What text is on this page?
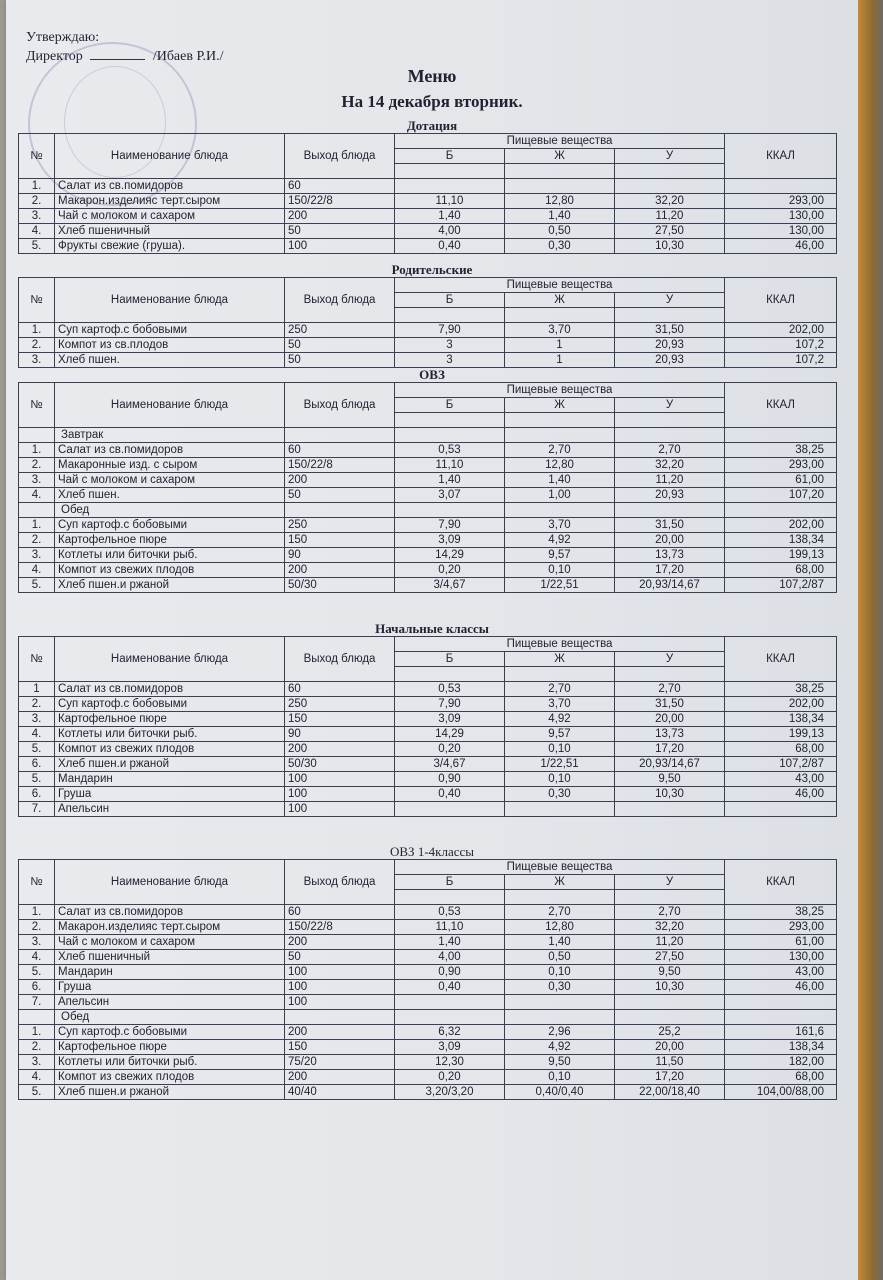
Утверждаю:
Директор	/Ибаев Р.И./
Меню
На 14 декабря вторник.
Дотация
№	Наименование блюда	Выход блюда	Пищевые вещества			ККАЛ
			Б	Ж	У	

1.	Салат из св.помидоров	60				
2.	Макарон.изделияс терт.сыром	150/22/8	11,10	12,80	32,20	293,00
3.	Чай с молоком и сахаром	200	1,40	1,40	11,20	130,00
4.	Хлеб пшеничный	50	4,00	0,50	27,50	130,00
5.	Фрукты свежие (груша).	100	0,40	0,30	10,30	46,00
Родительские
№	Наименование блюда	Выход блюда	Пищевые вещества			ККАЛ
			Б	Ж	У	

1.	Суп картоф.с бобовыми	250	7,90	3,70	31,50	202,00
2.	Компот из св.плодов	50	3	1	20,93	107,2
3.	Хлеб пшен.	50	3	1	20,93	107,2
ОВЗ
№	Наименование блюда	Выход блюда	Пищевые вещества			ККАЛ
			Б	Ж	У	

	Завтрак					
1.	Салат из св.помидоров	60	0,53	2,70	2,70	38,25
2.	Макаронные изд. с сыром	150/22/8	11,10	12,80	32,20	293,00
3.	Чай с молоком и сахаром	200	1,40	1,40	11,20	61,00
4.	Хлеб пшен.	50	3,07	1,00	20,93	107,20
	Обед					
1.	Суп картоф.с бобовыми	250	7,90	3,70	31,50	202,00
2.	Картофельное пюре	150	3,09	4,92	20,00	138,34
3.	Котлеты или биточки рыб.	90	14,29	9,57	13,73	199,13
4.	Компот из свежих плодов	200	0,20	0,10	17,20	68,00
5.	Хлеб пшен.и ржаной	50/30	3/4,67	1/22,51	20,93/14,67	107,2/87
Начальные классы
№	Наименование блюда	Выход блюда	Пищевые вещества			ККАЛ
			Б	Ж	У	

1	Салат из св.помидоров	60	0,53	2,70	2,70	38,25
2.	Суп картоф.с бобовыми	250	7,90	3,70	31,50	202,00
3.	Картофельное пюре	150	3,09	4,92	20,00	138,34
4.	Котлеты или биточки рыб.	90	14,29	9,57	13,73	199,13
5.	Компот из свежих плодов	200	0,20	0,10	17,20	68,00
6.	Хлеб пшен.и ржаной	50/30	3/4,67	1/22,51	20,93/14,67	107,2/87
5.	Мандарин	100	0,90	0,10	9,50	43,00
6.	Груша	100	0,40	0,30	10,30	46,00
7.	Апельсин	100				
ОВЗ 1-4классы
№	Наименование блюда	Выход блюда	Пищевые вещества			ККАЛ
			Б	Ж	У	

1.	Салат из св.помидоров	60	0,53	2,70	2,70	38,25
2.	Макарон.изделияс терт.сыром	150/22/8	11,10	12,80	32,20	293,00
3.	Чай с молоком и сахаром	200	1,40	1,40	11,20	61,00
4.	Хлеб пшеничный	50	4,00	0,50	27,50	130,00
5.	Мандарин	100	0,90	0,10	9,50	43,00
6.	Груша	100	0,40	0,30	10,30	46,00
7.	Апельсин	100				
	Обед					
1.	Суп картоф.с бобовыми	200	6,32	2,96	25,2	161,6
2.	Картофельное пюре	150	3,09	4,92	20,00	138,34
3.	Котлеты или биточки рыб.	75/20	12,30	9,50	11,50	182,00
4.	Компот из свежих плодов	200	0,20	0,10	17,20	68,00
5.	Хлеб пшен.и ржаной	40/40	3,20/3,20	0,40/0,40	22,00/18,40	104,00/88,00
